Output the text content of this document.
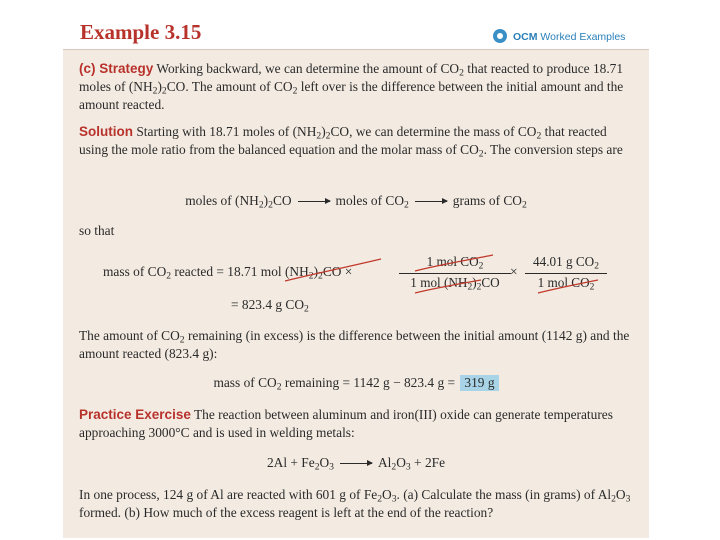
Example 3.15	OCM Worked Examples

(c) Strategy Working backward, we can determine the amount of $CO_2$ that reacted to produce 18.71 moles of $(NH_2)_2CO$. The amount of $CO_2$ left over is the difference between the initial amount and the amount reacted.

Solution Starting with 18.71 moles of $(NH_2)_2CO$, we can determine the mass of $CO_2$ that reacted using the mole ratio from the balanced equation and the molar mass of $CO_2$. The conversion steps are

moles of $(NH_2)_2CO$	moles of $CO_2$	grams of $CO_2$
so that
mass of $CO_2$ reacted = 18.71 mol $(NH_2)_2CO$ ×
1 mol $CO_2$
1 mol $(NH_2)_2CO$
×
44.01 g $CO_2$
1 mol $CO_2$
= 823.4 g $CO_2$

The amount of $CO_2$ remaining (in excess) is the difference between the initial amount (1142 g) and the amount reacted (823.4 g):

mass of $CO_2$ remaining = 1142 g − 823.4 g = 319 g

Practice Exercise The reaction between aluminum and iron(III) oxide can generate temperatures approaching 3000°C and is used in welding metals:

$2Al + Fe_2O_3$	$Al_2O_3 + 2Fe$

In one process, 124 g of Al are reacted with 601 g of $Fe_2O_3$. (a) Calculate the mass (in grams) of $Al_2O_3$ formed. (b) How much of the excess reagent is left at the end of the reaction?
